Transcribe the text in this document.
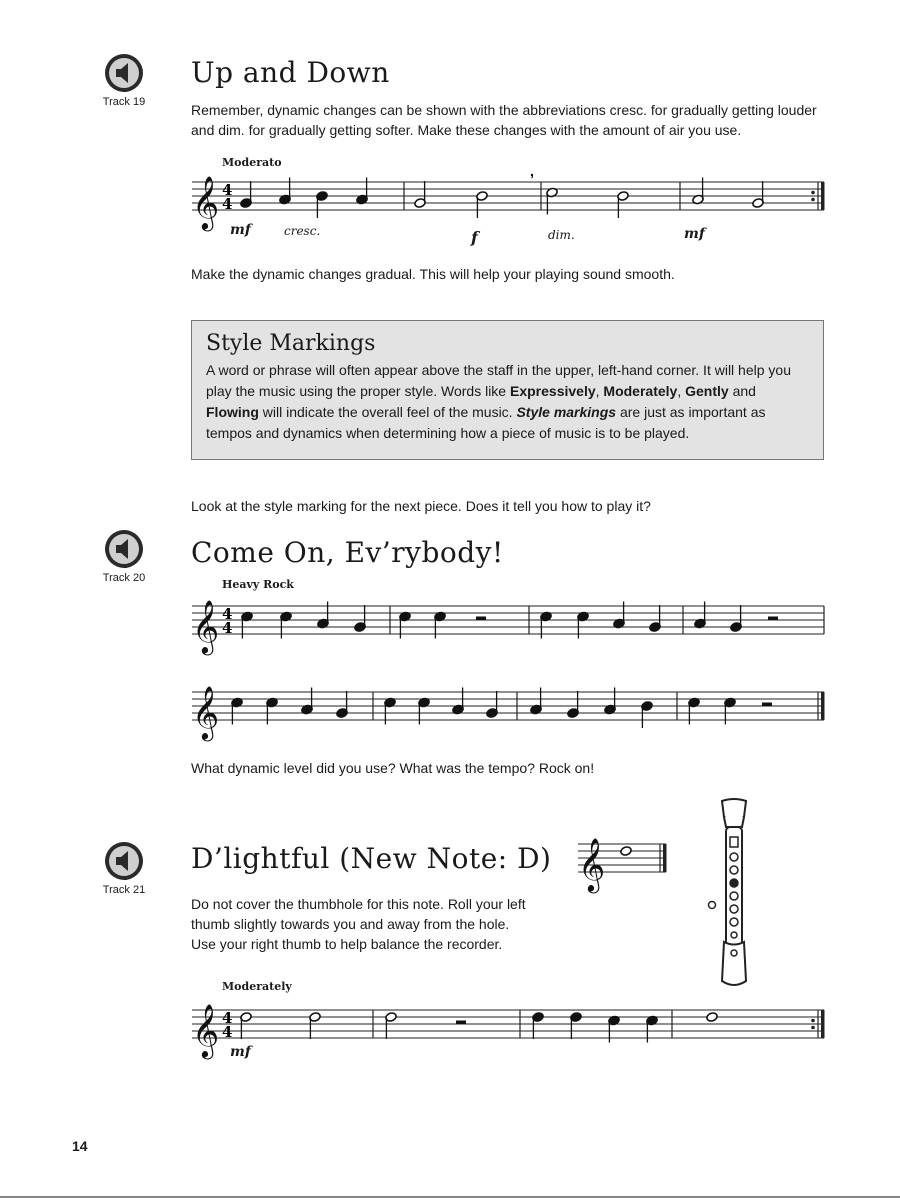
Track 19
Up and Down

Remember, dynamic changes can be shown with the abbreviations cresc. for gradually getting louder and dim. for gradually getting softer. Make these changes with the amount of air you use.

Moderato
𝄞 4
4
,
mf	cresc.	f	dim.	mf

Make the dynamic changes gradual. This will help your playing sound smooth.

Style Markings

A word or phrase will often appear above the staff in the upper, left-hand corner. It will help you play the music using the proper style. Words like Expressively, Moderately, Gently and Flowing will indicate the overall feel of the music. Style markings are just as important as tempos and dynamics when determining how a piece of music is to be played.

Look at the style marking for the next piece. Does it tell you how to play it?

Track 20
Come On, Ev’rybody!
Heavy Rock
𝄞 4
4
𝄞

What dynamic level did you use? What was the tempo? Rock on!

Track 21
D’lightful (New Note: D) 𝄞

Do not cover the thumbhole for this note. Roll your left

thumb slightly towards you and away from the hole.

Use your right thumb to help balance the recorder.

Moderately
𝄞 4
4
mf
14
